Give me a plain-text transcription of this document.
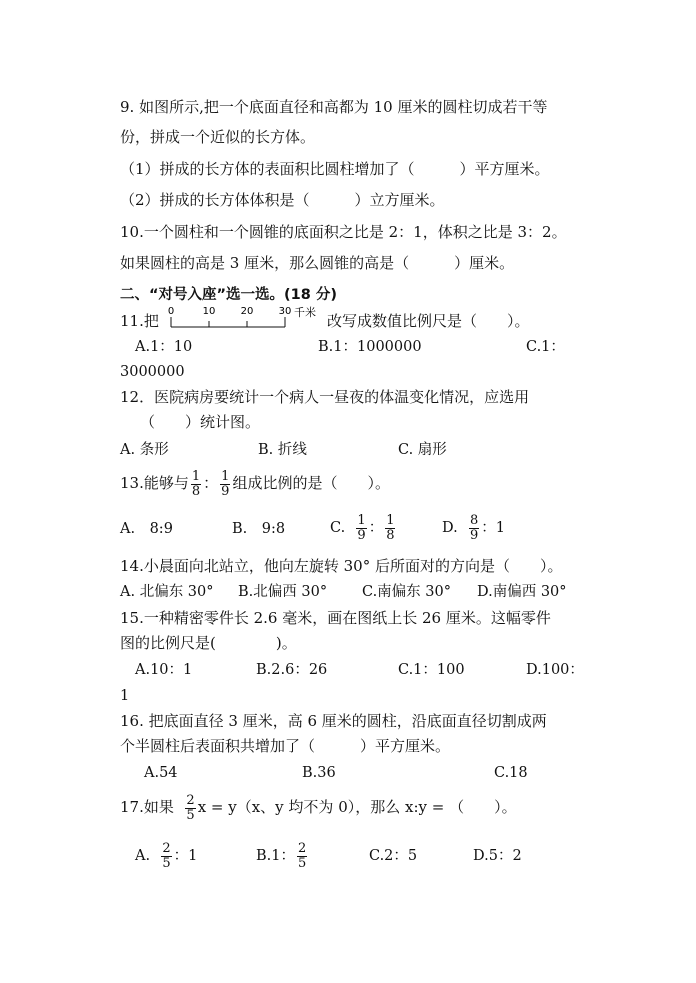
9. 如图所示,把一个底面直径和高都为 10 厘米的圆柱切成若干等
份，拼成一个近似的长方体。
（1）拼成的长方体的表面积比圆柱增加了（　　　）平方厘米。
（2）拼成的长方体体积是（　　　）立方厘米。
10.一个圆柱和一个圆锥的底面积之比是 2：1，体积之比是 3：2。
如果圆柱的高是 3 厘米，那么圆锥的高是（　　　）厘米。
二、“对号入座”选一选。(18 分)
11.把
0	10	20	30 千米 改写成数值比例尺是（　　）。
A.1：10	B.1：1000000	C.1：
3000000
12．医院病房要统计一个病人一昼夜的体温变化情况，应选用
（　　）统计图。
A. 条形	B. 折线	C. 扇形
13.能够与 $\frac{1}{8}$ ： $\frac{1}{9}$ 组成比例的是（　　）。
A.　8:9	B.　9:8	C. $\frac{1}{9}$ ： $\frac{1}{8}$	D. $\frac{8}{9}$ ：1
14.小晨面向北站立，他向左旋转 30° 后所面对的方向是（　　）。
A. 北偏东 30° B.北偏西 30° C.南偏东 30° D.南偏西 30°
15.一种精密零件长 2.6 毫米，画在图纸上长 26 厘米。这幅零件
图的比例尺是(　　　　)。
A.10：1	B.2.6：26	C.1：100	D.100：
1
16. 把底面直径 3 厘米，高 6 厘米的圆柱，沿底面直径切割成两
个半圆柱后表面积共增加了（　　　）平方厘米。
A.54	B.36	C.18
17.如果 $\frac{2}{5}$ x = y（x、y 均不为 0），那么 x:y = （　　）。
A. $\frac{2}{5}$ ：1	B.1： $\frac{2}{5}$	C.2：5	D.5：2
